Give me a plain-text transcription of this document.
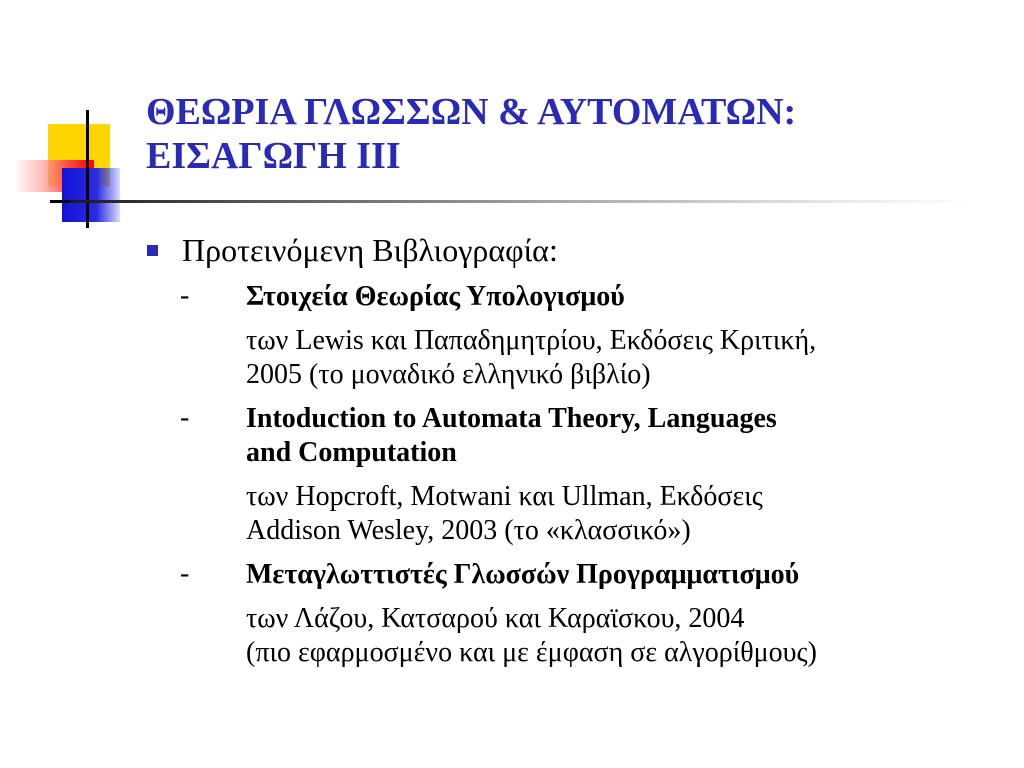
ΘΕΩΡΙΑ ΓΛΩΣΣΩΝ & ΑΥΤΟΜΑΤΩΝ:
ΕΙΣΑΓΩΓΗ ΙΙΙ
Προτεινόμενη Βιβλιογραφία:
- Στοιχεία Θεωρίας Υπολογισμού
των Lewis και Παπαδημητρίου, Εκδόσεις Κριτική,
2005 (το μοναδικό ελληνικό βιβλίο)
- Intoduction to Automata Theory, Languages
and Computation
των Hopcroft, Motwani και Ullman, Εκδόσεις
Addison Wesley, 2003 (το «κλασσικό»)
- Μεταγλωττιστές Γλωσσών Προγραμματισμού
των Λάζου, Κατσαρού και Καραϊσκου, 2004
(πιο εφαρμοσμένο και με έμφαση σε αλγορίθμους)
